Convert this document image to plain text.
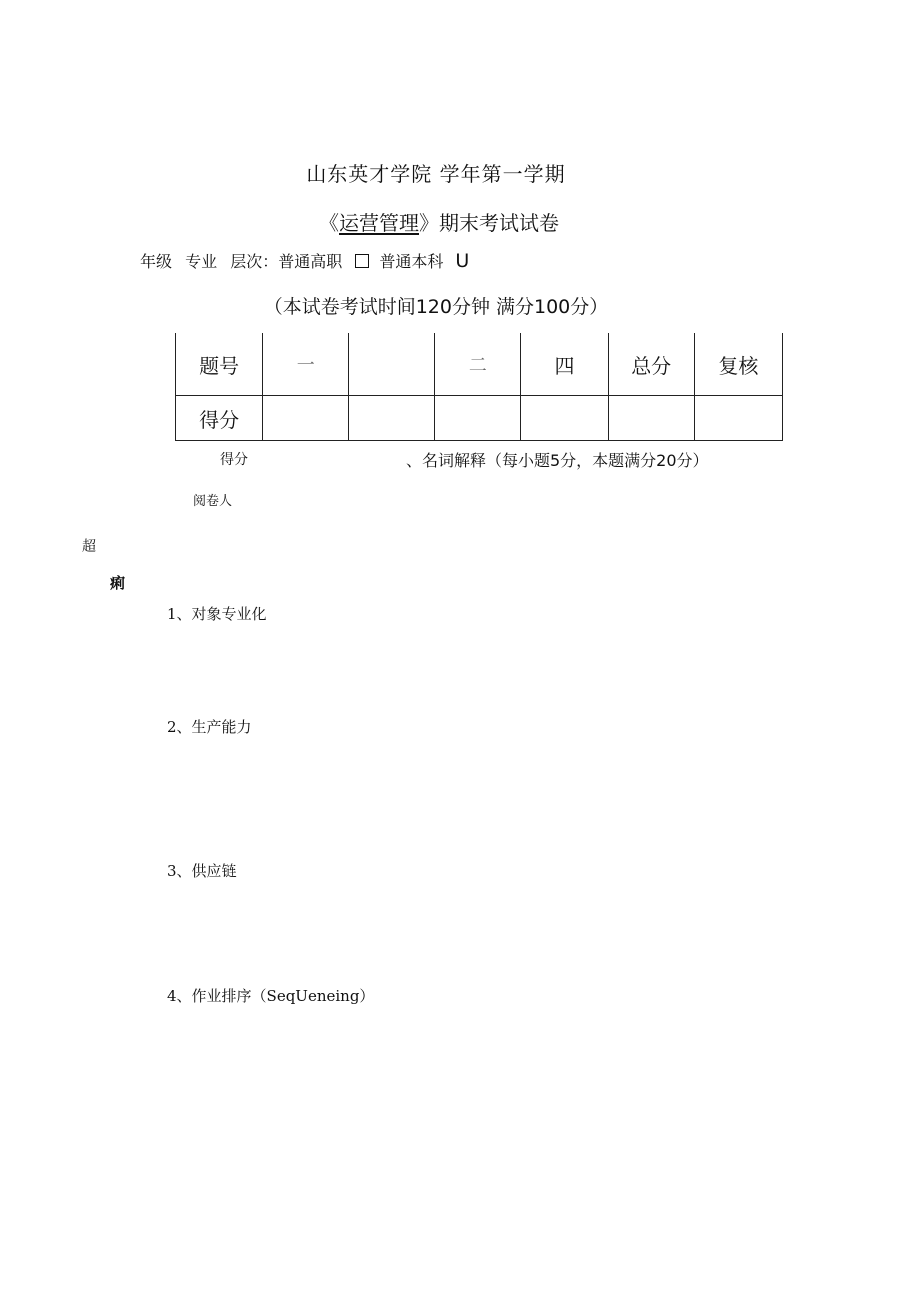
山东英才学院 学年第一学期
《运营管理》期末考试试卷
年级 专业 层次：普通高职 普通本科 U
（本试卷考试时间120分钟 满分100分）
题号	一		二	四	总分	复核
得分						
得分	、名词解释（每小题5分，本题满分20分）
阅卷人
超
痢
1、对象专业化
2、生产能力
3、供应链
4、作业排序（SeqUeneing）
